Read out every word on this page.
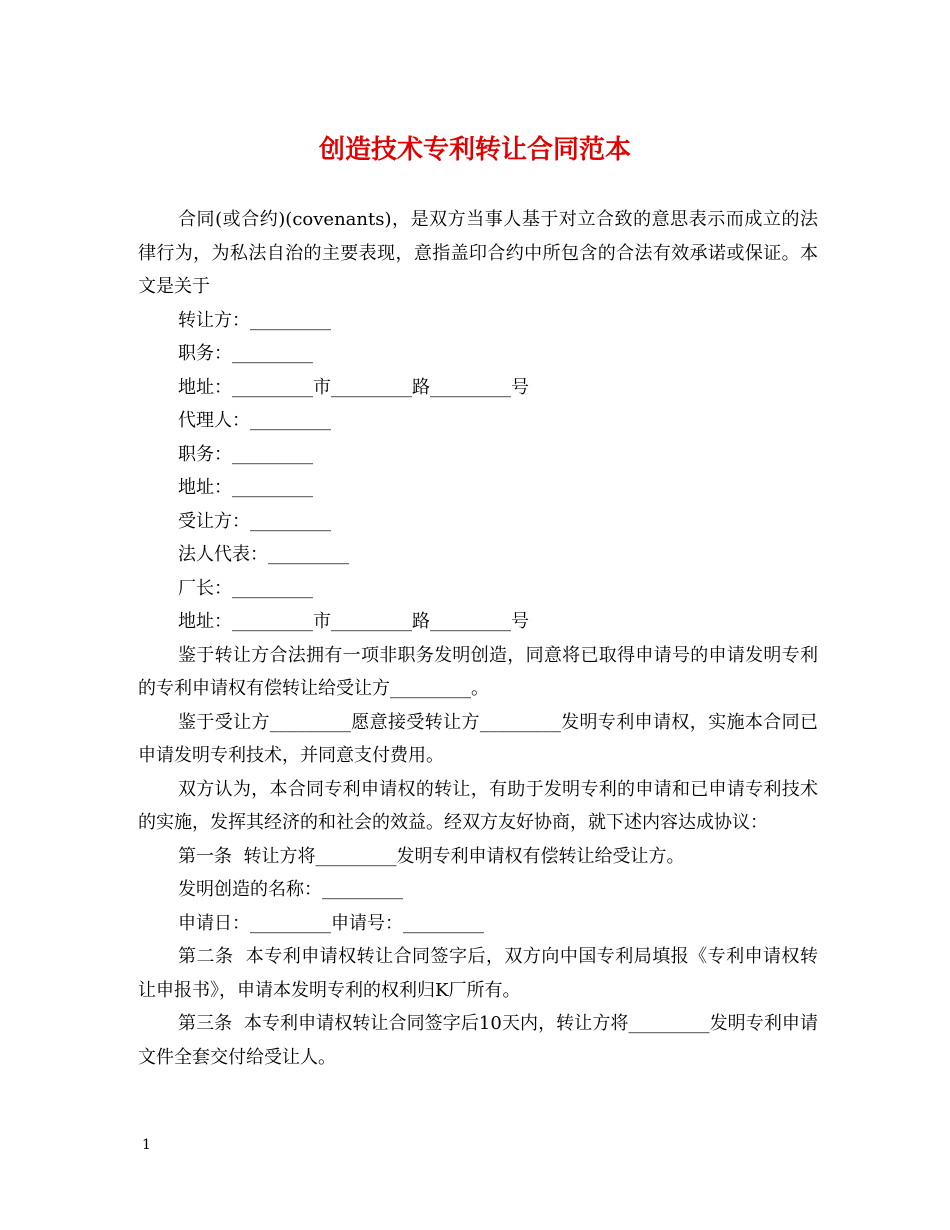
创造技术专利转让合同范本

合同(或合约)(covenants)，是双方当事人基于对立合致的意思表示而成立的法律行为，为私法自治的主要表现，意指盖印合约中所包含的合法有效承诺或保证。本文是关于

转让方：_________

职务：_________

地址：_________市_________路_________号

代理人：_________

职务：_________

地址：_________

受让方：_________

法人代表：_________

厂长：_________

地址：_________市_________路_________号

鉴于转让方合法拥有一项非职务发明创造，同意将已取得申请号的申请发明专利的专利申请权有偿转让给受让方_________。

鉴于受让方_________愿意接受转让方_________发明专利申请权，实施本合同已申请发明专利技术，并同意支付费用。

双方认为，本合同专利申请权的转让，有助于发明专利的申请和已申请专利技术的实施，发挥其经济的和社会的效益。经双方友好协商，就下述内容达成协议：

第一条  转让方将_________发明专利申请权有偿转让给受让方。

发明创造的名称：_________

申请日：_________申请号：_________

第二条  本专利申请权转让合同签字后，双方向中国专利局填报《专利申请权转让申报书》，申请本发明专利的权利归K厂所有。

第三条  本专利申请权转让合同签字后10天内，转让方将_________发明专利申请文件全套交付给受让人。

1
